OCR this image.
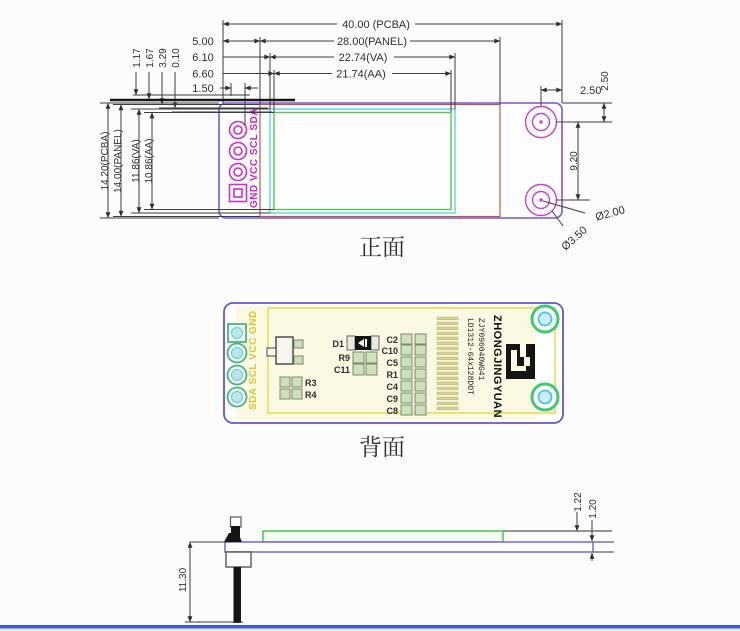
GND VCC SCL SDA
40.00 (PCBA)
28.00(PANEL)
22.74(VA)
21.74(AA)
5.00
6.10
6.60
1.50
1.17 1.67 3.29 0.10
14.20(PCBA) 14.00(PANEL) 11.86(VA) 10.86(AA)
2.50
2.50
9.20
Ø2.00
Ø3.50
正面
SDA SCL VCC GND	D1
R9
C11
R3
R4
C2
C10
C5
R1
C4
C9
C8
LD1312-64x128DOT ZJY096040WG41 ZHONGJINGYUAN
背面
11.30
1.22 1.20
